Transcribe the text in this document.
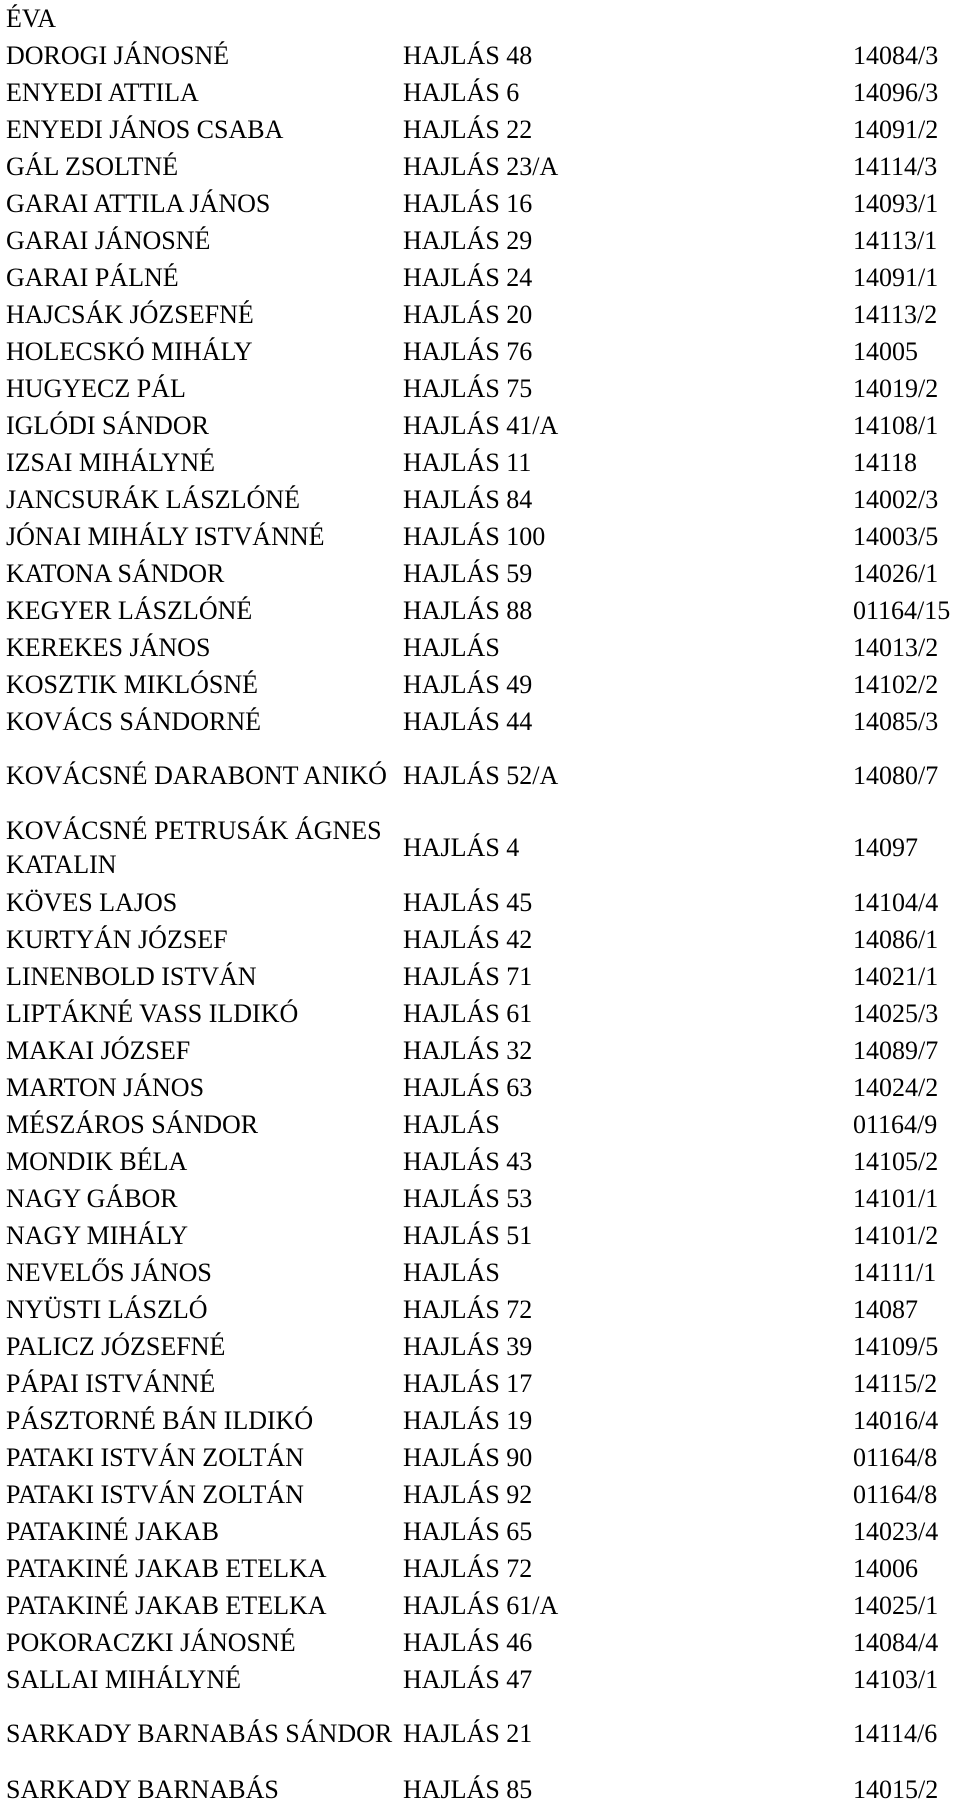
ÉVA
DOROGI JÁNOSNÉ	HAJLÁS 48	14084/3
ENYEDI ATTILA	HAJLÁS 6	14096/3
ENYEDI JÁNOS CSABA	HAJLÁS 22	14091/2
GÁL ZSOLTNÉ	HAJLÁS 23/A	14114/3
GARAI ATTILA JÁNOS	HAJLÁS 16	14093/1
GARAI JÁNOSNÉ	HAJLÁS 29	14113/1
GARAI PÁLNÉ	HAJLÁS 24	14091/1
HAJCSÁK JÓZSEFNÉ	HAJLÁS 20	14113/2
HOLECSKÓ MIHÁLY	HAJLÁS 76	14005
HUGYECZ PÁL	HAJLÁS 75	14019/2
IGLÓDI SÁNDOR	HAJLÁS 41/A	14108/1
IZSAI MIHÁLYNÉ	HAJLÁS 11	14118
JANCSURÁK LÁSZLÓNÉ	HAJLÁS 84	14002/3
JÓNAI MIHÁLY ISTVÁNNÉ	HAJLÁS 100	14003/5
KATONA SÁNDOR	HAJLÁS 59	14026/1
KEGYER LÁSZLÓNÉ	HAJLÁS 88	01164/15
KEREKES JÁNOS	HAJLÁS	14013/2
KOSZTIK MIKLÓSNÉ	HAJLÁS 49	14102/2
KOVÁCS SÁNDORNÉ	HAJLÁS 44	14085/3
KOVÁCSNÉ DARABONT ANIKÓ	HAJLÁS 52/A	14080/7
KOVÁCSNÉ PETRUSÁK ÁGNES KATALIN	HAJLÁS 4	14097
KÖVES LAJOS	HAJLÁS 45	14104/4
KURTYÁN JÓZSEF	HAJLÁS 42	14086/1
LINENBOLD ISTVÁN	HAJLÁS 71	14021/1
LIPTÁKNÉ VASS ILDIKÓ	HAJLÁS 61	14025/3
MAKAI JÓZSEF	HAJLÁS 32	14089/7
MARTON JÁNOS	HAJLÁS 63	14024/2
MÉSZÁROS SÁNDOR	HAJLÁS	01164/9
MONDIK BÉLA	HAJLÁS 43	14105/2
NAGY GÁBOR	HAJLÁS 53	14101/1
NAGY MIHÁLY	HAJLÁS 51	14101/2
NEVELŐS JÁNOS	HAJLÁS	14111/1
NYÜSTI LÁSZLÓ	HAJLÁS 72	14087
PALICZ JÓZSEFNÉ	HAJLÁS 39	14109/5
PÁPAI ISTVÁNNÉ	HAJLÁS 17	14115/2
PÁSZTORNÉ BÁN ILDIKÓ	HAJLÁS 19	14016/4
PATAKI ISTVÁN ZOLTÁN	HAJLÁS 90	01164/8
PATAKI ISTVÁN ZOLTÁN	HAJLÁS 92	01164/8
PATAKINÉ JAKAB	HAJLÁS 65	14023/4
PATAKINÉ JAKAB ETELKA	HAJLÁS 72	14006
PATAKINÉ JAKAB ETELKA	HAJLÁS 61/A	14025/1
POKORACZKI JÁNOSNÉ	HAJLÁS 46	14084/4
SALLAI MIHÁLYNÉ	HAJLÁS 47	14103/1
SARKADY BARNABÁS SÁNDOR	HAJLÁS 21	14114/6
SARKADY BARNABÁS	HAJLÁS 85	14015/2
